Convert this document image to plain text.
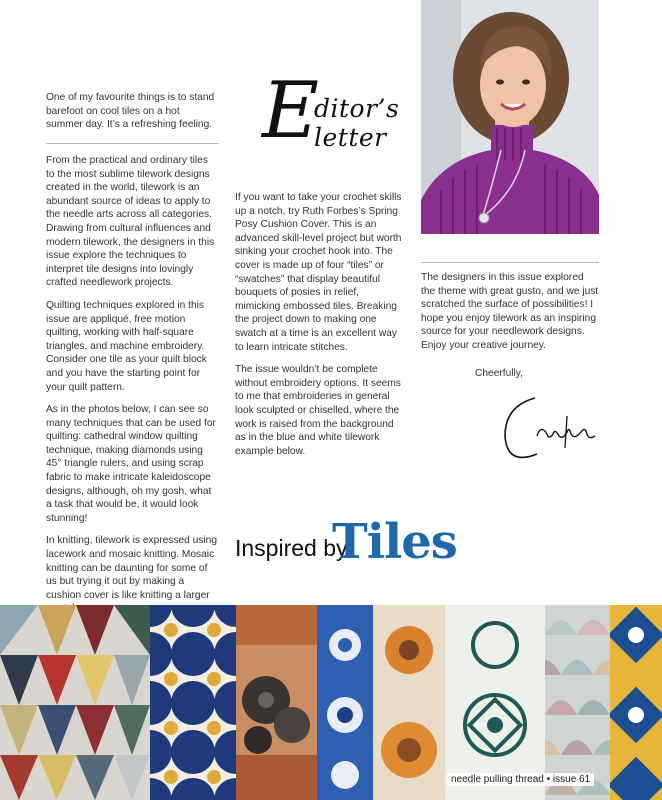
E
ditor’s letter

One of my favourite things is to stand barefoot on cool tiles on a hot summer day. It’s a refreshing feeling.

From the practical and ordinary tiles to the most sublime tilework designs created in the world, tilework is an abundant source of ideas to apply to the needle arts across all categories. Drawing from cultural influences and modern tilework, the designers in this issue explore the techniques to interpret tile designs into lovingly crafted needlework projects.

Quilting techniques explored in this issue are appliqué, free motion quilting, working with half-square triangles, and machine embroidery. Consider one tile as your quilt block and you have the starting point for your quilt pattern.

As in the photos below, I can see so many techniques that can be used for quilting: cathedral window quilting technique, making diamonds using 45° triangle rulers, and using scrap fabric to make intricate kaleidoscope designs, although, oh my gosh, what a task that would be, it would look stunning!

In knitting, tilework is expressed using lacework and mosaic knitting. Mosaic knitting can be daunting for some of us but trying it out by making a cushion cover is like knitting a larger

If you want to take your crochet skills up a notch, try Ruth Forbes’s Spring Posy Cushion Cover. This is an advanced skill-level project but worth sinking your crochet hook into. The cover is made up of four “tiles” or “swatches” that display beautiful bouquets of posies in relief, mimicking embossed tiles. Breaking the project down to making one swatch at a time is an excellent way to learn intricate stitches.

The issue wouldn’t be complete without embroidery options. It seems to me that embroideries in general look sculpted or chiselled, where the work is raised from the background as in the blue and white tilework example below.

The designers in this issue explored the theme with great gusto, and we just scratched the surface of possibilities! I hope you enjoy tilework as an inspiring source for your needlework designs. Enjoy your creative journey.

Cheerfully,
Inspired by
Tiles
needle pulling thread • issue 61
